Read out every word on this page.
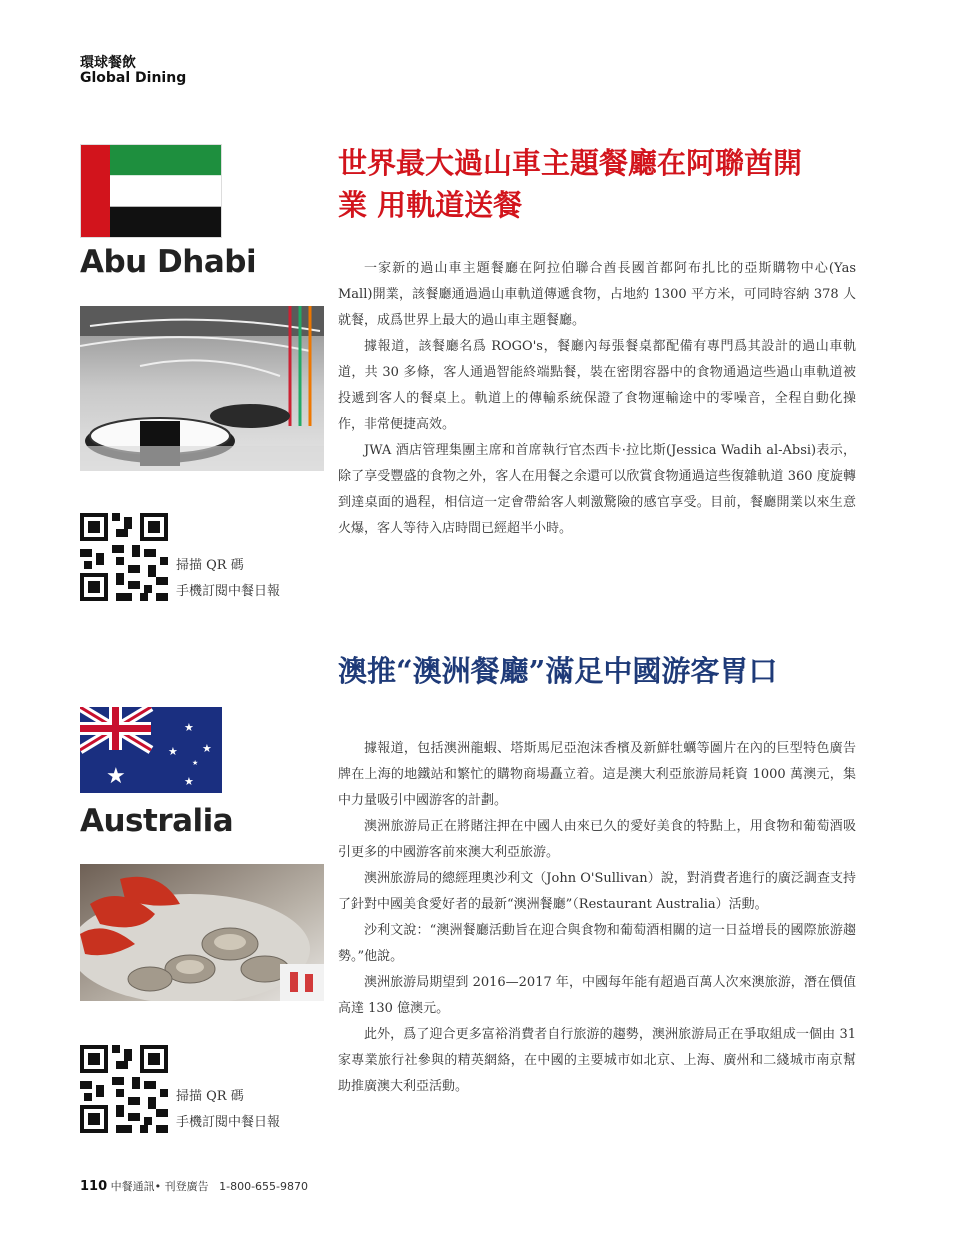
環球餐飲
Global Dining
Abu Dhabi
掃描 QR 碼
手機訂閱中餐日報
世界最大過山車主題餐廳在阿聯酋開
業 用軌道送餐

一家新的過山車主題餐廳在阿拉伯聯合酋長國首都阿布扎比的亞斯購物中心(Yas Mall)開業，該餐廳通過過山車軌道傳遞食物，占地約 1300 平方米，可同時容納 378 人就餐，成爲世界上最大的過山車主題餐廳。

據報道，該餐廳名爲 ROGO's，餐廳內每張餐桌都配備有專門爲其設計的過山車軌道，共 30 多條，客人通過智能終端點餐，裝在密閉容器中的食物通過這些過山車軌道被投遞到客人的餐桌上。軌道上的傳輸系統保證了食物運輸途中的零噪音，全程自動化操作，非常便捷高效。

JWA 酒店管理集團主席和首席執行官杰西卡·拉比斯(Jessica Wadih al-Absi)表示，除了享受豐盛的食物之外，客人在用餐之余還可以欣賞食物通過這些復雜軌道 360 度旋轉到達桌面的過程，相信這一定會帶給客人刺激驚險的感官享受。目前，餐廳開業以來生意火爆，客人等待入店時間已經超半小時。

★
★
★ ★
★
★
Australia
掃描 QR 碼
手機訂閱中餐日報
澳推“澳洲餐廳”滿足中國游客胃口

據報道，包括澳洲龍蝦、塔斯馬尼亞泡沫香檳及新鮮牡蠣等圖片在內的巨型特色廣告牌在上海的地鐵站和繁忙的購物商場矗立着。這是澳大利亞旅游局耗資 1000 萬澳元，集中力量吸引中國游客的計劃。

澳洲旅游局正在將賭注押在中國人由來已久的愛好美食的特點上，用食物和葡萄酒吸引更多的中國游客前來澳大利亞旅游。

澳洲旅游局的總經理奧沙利文（John O'Sullivan）說，對消費者進行的廣泛調查支持了針對中國美食愛好者的最新“澳洲餐廳”（Restaurant Australia）活動。

沙利文說：“澳洲餐廳活動旨在迎合與食物和葡萄酒相關的這一日益增長的國際旅游趨勢。”他說。

澳洲旅游局期望到 2016—2017 年，中國每年能有超過百萬人次來澳旅游，潛在價值高達 130 億澳元。

此外，爲了迎合更多富裕消費者自行旅游的趨勢，澳洲旅游局正在爭取組成一個由 31 家專業旅行社參與的精英網絡，在中國的主要城市如北京、上海、廣州和二綫城市南京幫助推廣澳大利亞活動。

110 中餐通訊• 刊登廣告 1-800-655-9870
